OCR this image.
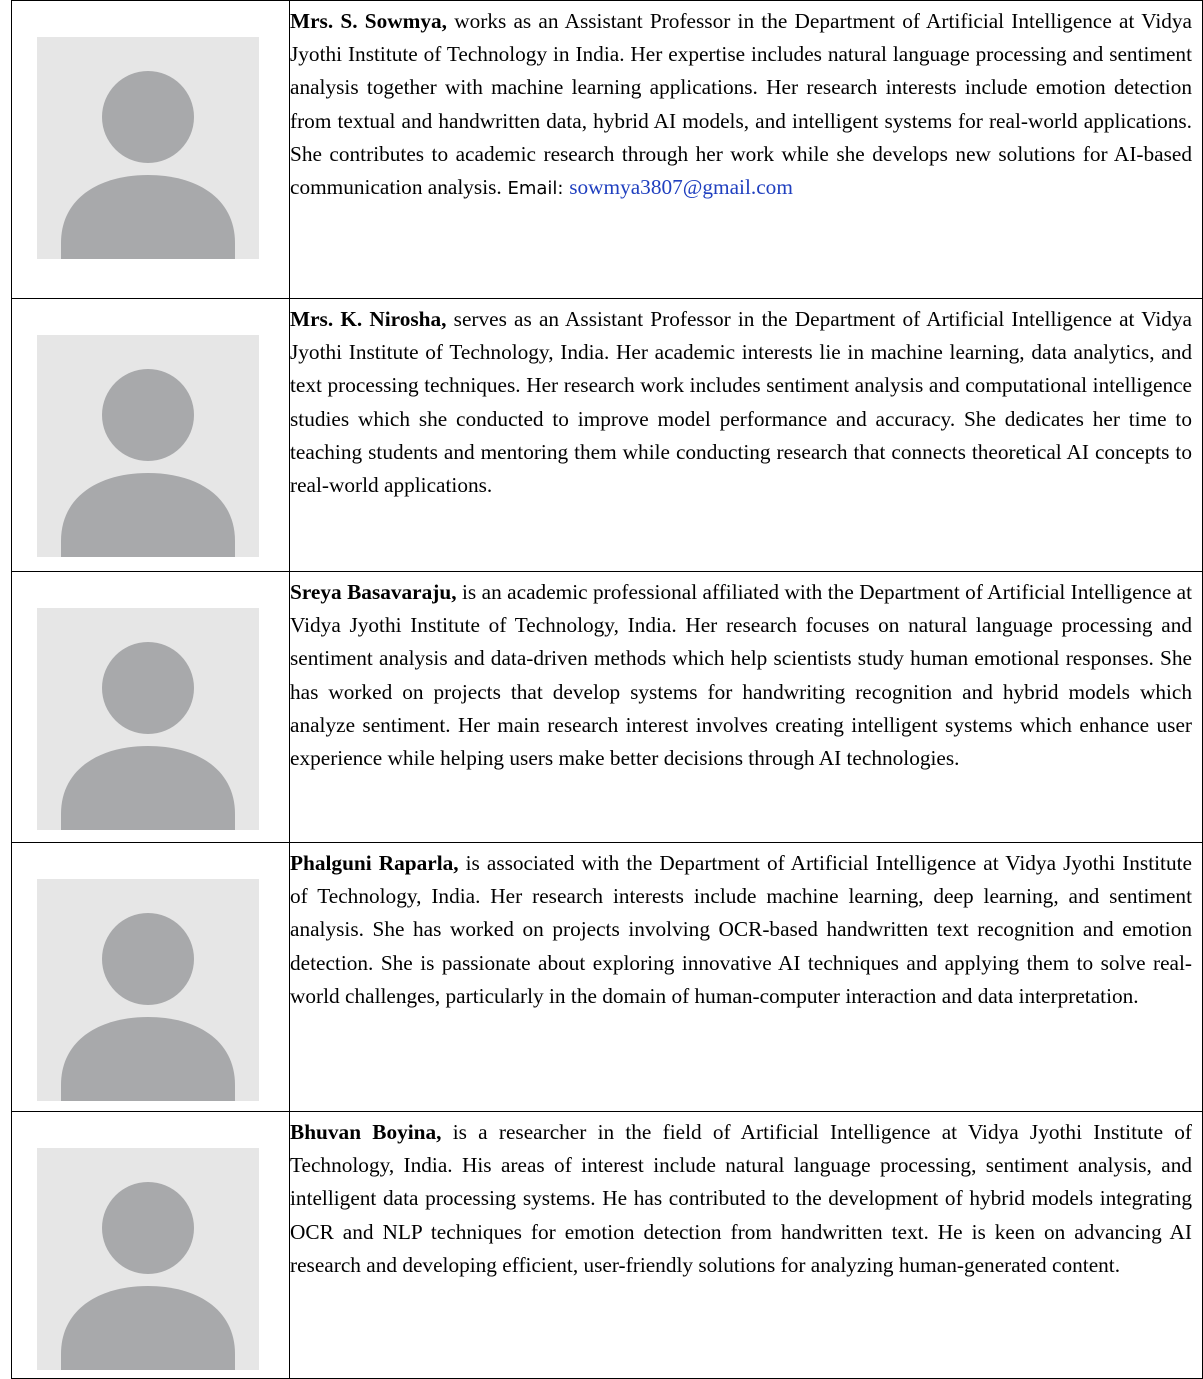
Mrs. S. Sowmya, works as an Assistant Professor in the Department of Artificial Intelligence at Vidya Jyothi Institute of Technology in India. Her expertise includes natural language processing and sentiment analysis together with machine learning applications. Her research interests include emotion detection from textual and handwritten data, hybrid AI models, and intelligent systems for real-world applications. She contributes to academic research through her work while she develops new solutions for AI-based communication analysis. Email: sowmya3807@gmail.com

Mrs. K. Nirosha, serves as an Assistant Professor in the Department of Artificial Intelligence at Vidya Jyothi Institute of Technology, India. Her academic interests lie in machine learning, data analytics, and text processing techniques. Her research work includes sentiment analysis and computational intelligence studies which she conducted to improve model performance and accuracy. She dedicates her time to teaching students and mentoring them while conducting research that connects theoretical AI concepts to real-world applications.

Sreya Basavaraju, is an academic professional affiliated with the Department of Artificial Intelligence at Vidya Jyothi Institute of Technology, India. Her research focuses on natural language processing and sentiment analysis and data-driven methods which help scientists study human emotional responses. She has worked on projects that develop systems for handwriting recognition and hybrid models which analyze sentiment. Her main research interest involves creating intelligent systems which enhance user experience while helping users make better decisions through AI technologies.

Phalguni Raparla, is associated with the Department of Artificial Intelligence at Vidya Jyothi Institute of Technology, India. Her research interests include machine learning, deep learning, and sentiment analysis. She has worked on projects involving OCR-based handwritten text recognition and emotion detection. She is passionate about exploring innovative AI techniques and applying them to solve real-world challenges, particularly in the domain of human-computer interaction and data interpretation.

Bhuvan Boyina, is a researcher in the field of Artificial Intelligence at Vidya Jyothi Institute of Technology, India. His areas of interest include natural language processing, sentiment analysis, and intelligent data processing systems. He has contributed to the development of hybrid models integrating OCR and NLP techniques for emotion detection from handwritten text. He is keen on advancing AI research and developing efficient, user-friendly solutions for analyzing human-generated content.
